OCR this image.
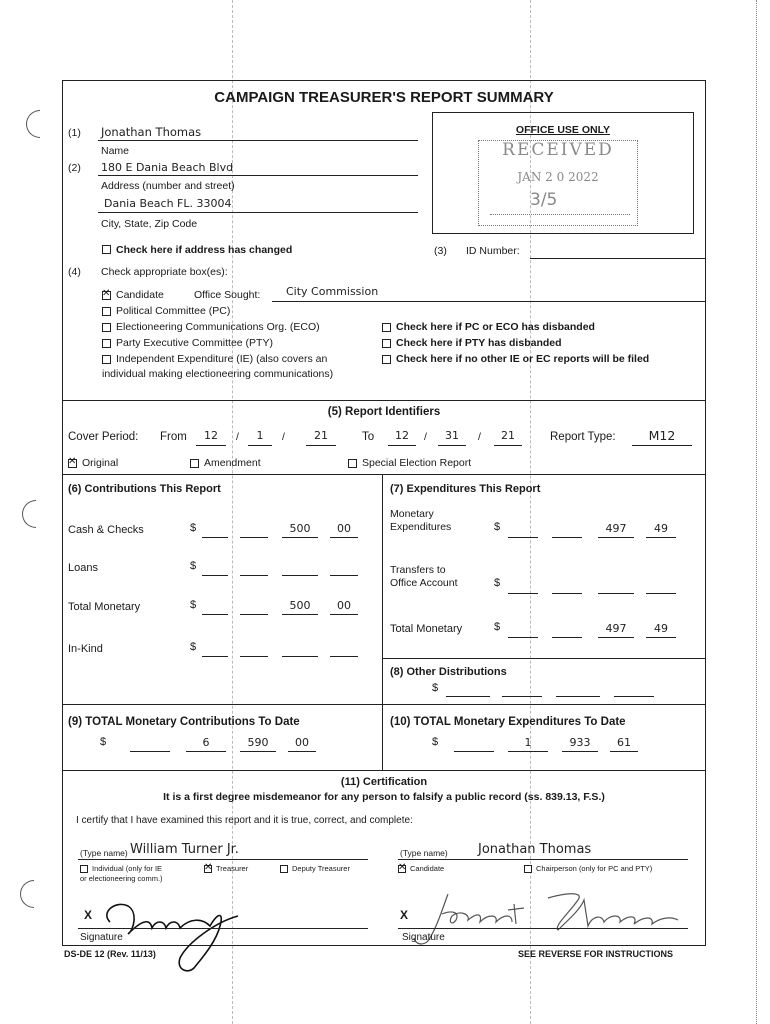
CAMPAIGN TREASURER'S REPORT SUMMARY
(1) Jonathan Thomas
Name
(2) 180 E Dania Beach Blvd
Address (number and street)
Dania Beach FL. 33004
City, State, Zip Code
Check here if address has changed
OFFICE USE ONLY
RECEIVED
JAN 2 0 2022
3/5
(3) ID Number:
(4) Check appropriate box(es):
✕
Candidate	Office Sought: City Commission
Political Committee (PC)
Electioneering Communications Org. (ECO)	Check here if PC or ECO has disbanded
Party Executive Committee (PTY)	Check here if PTY has disbanded
Independent Expenditure (IE) (also covers an
individual making electioneering communications)
Check here if no other IE or EC reports will be filed
(5) Report Identifiers
Cover Period: From	12	/	1	/	21	To	12	/	31	/	21	Report Type:	M12
✕
Original	Amendment	Special Election Report
(6) Contributions This Report
Cash & Checks	$	500	00
Loans	$
Total Monetary	$	500	00
In-Kind	$
(7) Expenditures This Report
Monetary
Expenditures	$	497	49
Transfers to
Office Account	$
Total Monetary	$	497	49
(8) Other Distributions
$
(9) TOTAL Monetary Contributions To Date
$	6	590	00
(10) TOTAL Monetary Expenditures To Date
$	1	933	61
(11) Certification
It is a first degree misdemeanor for any person to falsify a public record (ss. 839.13, F.S.)
I certify that I have examined this report and it is true, correct, and complete:
(Type name) William Turner Jr.	(Type name) Jonathan Thomas
Individual (only for IE
or electioneering comm.)
✕
Treasurer	Deputy Treasurer
✕	Candidate	Chairperson (only for PC and PTY)
X
Signature
X
Signature
DS-DE 12 (Rev. 11/13)	SEE REVERSE FOR INSTRUCTIONS
